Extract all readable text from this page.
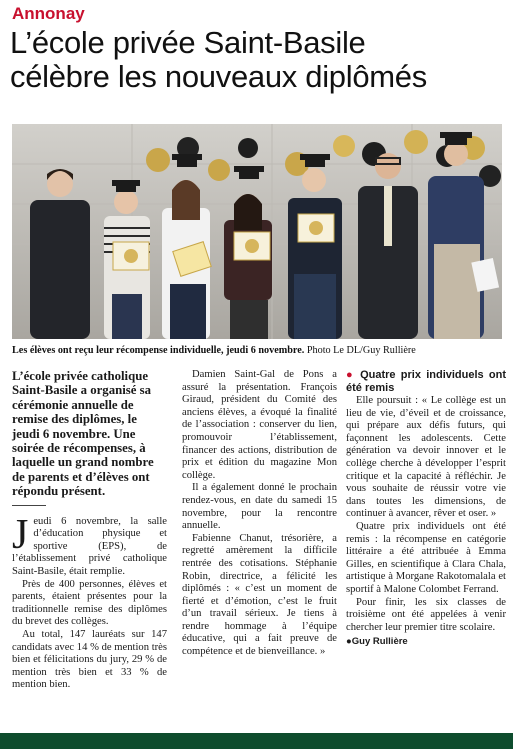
Annonay
L’école privée Saint-Basile
célèbre les nouveaux diplômés
Les élèves ont reçu leur récompense individuelle, jeudi 6 novembre. Photo Le DL/Guy Rullière

L’école privée catholique Saint-Basile a organisé sa cérémonie annuelle de remise des diplômes, le jeudi 6 novembre. Une soirée de récompenses, à laquelle un grand nombre de parents et d’élèves ont répondu présent.

Jeudi 6 novembre, la salle d’éducation physique et sportive (EPS), de l’établissement privé catholique Saint-Basile, était remplie.

Près de 400 personnes, élèves et parents, étaient présentes pour la traditionnelle remise des diplômes du brevet des collèges.

Au total, 147 lauréats sur 147 candidats avec 14 % de mention très bien et félicitations du jury, 29 % de mention très bien et 33 % de mention bien.

Damien Saint-Gal de Pons a assuré la présentation. François Giraud, président du Comité des anciens élèves, a évoqué la finalité de l’association : conserver du lien, promouvoir l’établissement, financer des actions, distribution de prix et édition du magazine Mon collège.

Il a également donné le prochain rendez-vous, en date du samedi 15 novembre, pour la rencontre annuelle.

Fabienne Chanut, trésorière, a regretté amèrement la difficile rentrée des cotisations. Stéphanie Robin, directrice, a félicité les diplômés : « c’est un moment de fierté et d’émotion, c’est le fruit d’un travail sérieux. Je tiens à rendre hommage à l’équipe éducative, qui a fait preuve de compétence et de bienveillance. »

● Quatre prix individuels ont été remis

Elle poursuit : « Le collège est un lieu de vie, d’éveil et de croissance, qui prépare aux défis futurs, qui façonnent les adolescents. Cette génération va devoir innover et le collège cherche à développer l’esprit critique et la capacité à réfléchir. Je vous souhaite de réussir votre vie dans toutes les dimensions, de continuer à avancer, rêver et oser. »

Quatre prix individuels ont été remis : la récompense en catégorie littéraire a été attribuée à Emma Gilles, en scientifique à Clara Chala, artistique à Morgane Rakotomalala et sportif à Malone Colombet Ferrand.

Pour finir, les six classes de troisième ont été appelées à venir chercher leur premier titre scolaire.

●Guy Rullière
